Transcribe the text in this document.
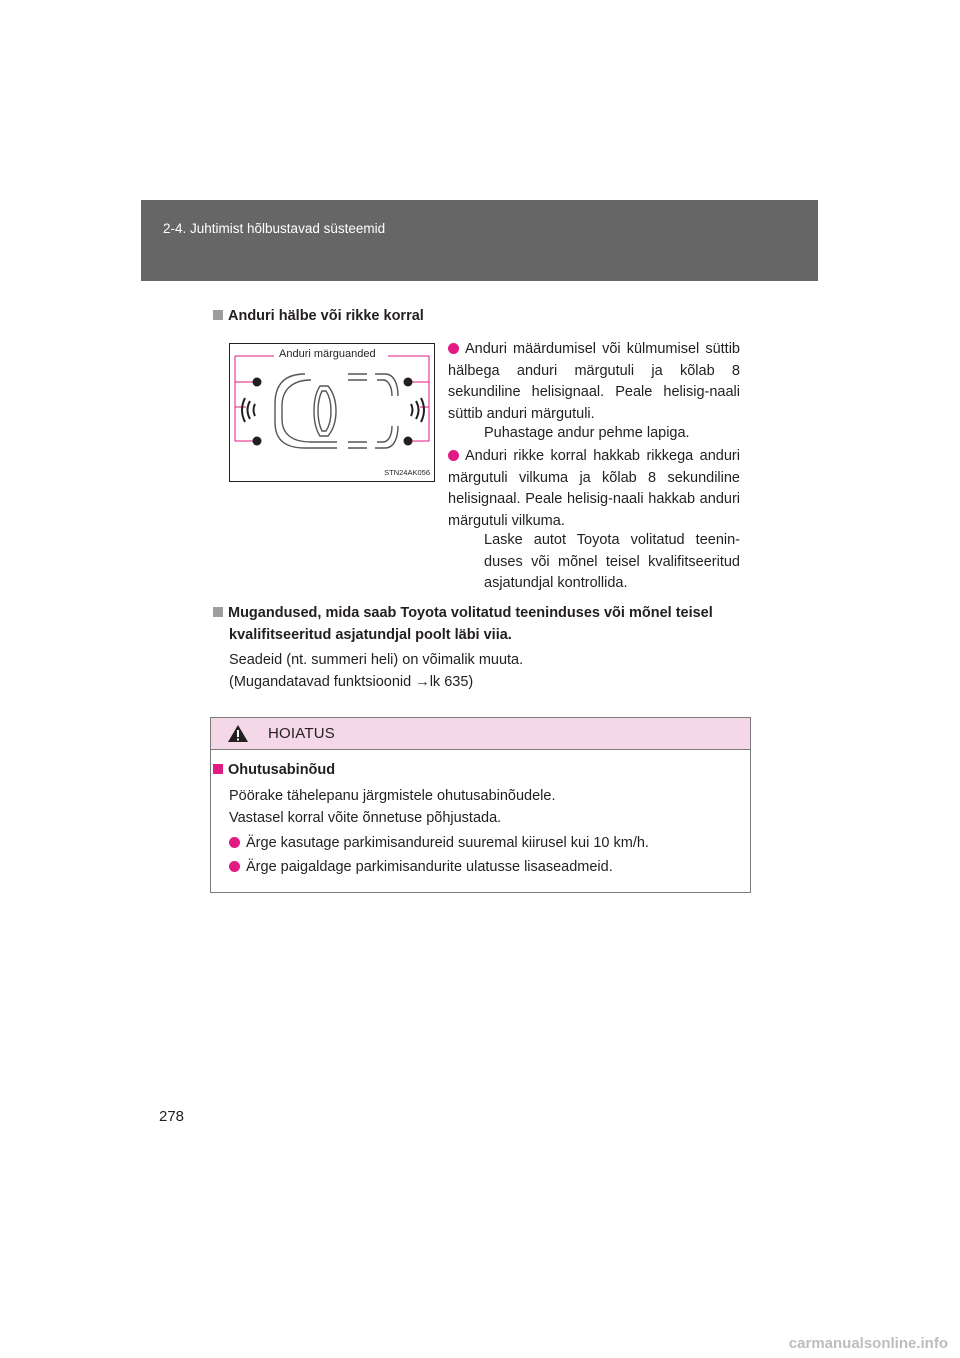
2-4. Juhtimist hõlbustavad süsteemid
Anduri hälbe või rikke korral
Anduri märguanded
STN24AK056
Anduri määrdumisel või külmumisel süttib hälbega anduri märgutuli ja kõlab 8 sekundiline helisignaal. Peale helisig-naali süttib anduri märgutuli.
Puhastage andur pehme lapiga.
Anduri rikke korral hakkab rikkega anduri märgutuli vilkuma ja kõlab 8 sekundiline helisignaal. Peale helisig-naali hakkab anduri märgutuli vilkuma.
Laske autot Toyota volitatud teenin-duses või mõnel teisel kvalifitseeritud asjatundjal kontrollida.
Mugandused, mida saab Toyota volitatud teeninduses või mõnel teisel
kvalifitseeritud asjatundjal poolt läbi viia.
Seadeid (nt. summeri heli) on võimalik muuta.
(Mugandatavad funktsioonid →lk 635)
HOIATUS
Ohutusabinõud
Pöörake tähelepanu järgmistele ohutusabinõudele.
Vastasel korral võite õnnetuse põhjustada.
Ärge kasutage parkimisandureid suuremal kiirusel kui 10 km/h.
Ärge paigaldage parkimisandurite ulatusse lisaseadmeid.
278
carmanualsonline.info
